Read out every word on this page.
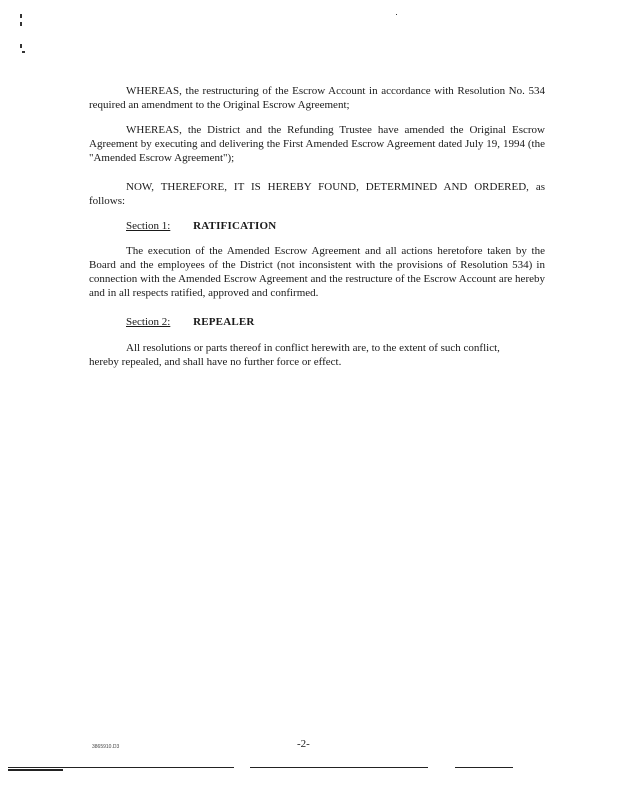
WHEREAS, the restructuring of the Escrow Account in accordance with Resolution No. 534 required an amendment to the Original Escrow Agreement;

WHEREAS, the District and the Refunding Trustee have amended the Original Escrow Agreement by executing and delivering the First Amended Escrow Agreement dated July 19, 1994 (the "Amended Escrow Agreement");

NOW, THEREFORE, IT IS HEREBY FOUND, DETERMINED AND ORDERED, as follows:

Section 1: RATIFICATION

The execution of the Amended Escrow Agreement and all actions heretofore taken by the Board and the employees of the District (not inconsistent with the provisions of Resolution 534) in connection with the Amended Escrow Agreement and the restructure of the Escrow Account are hereby and in all respects ratified, approved and confirmed.

Section 2: REPEALER

All resolutions or parts thereof in conflict herewith are, to the extent of such conflict, hereby repealed, and shall have no further force or effect.

3865910.D3	-2-
